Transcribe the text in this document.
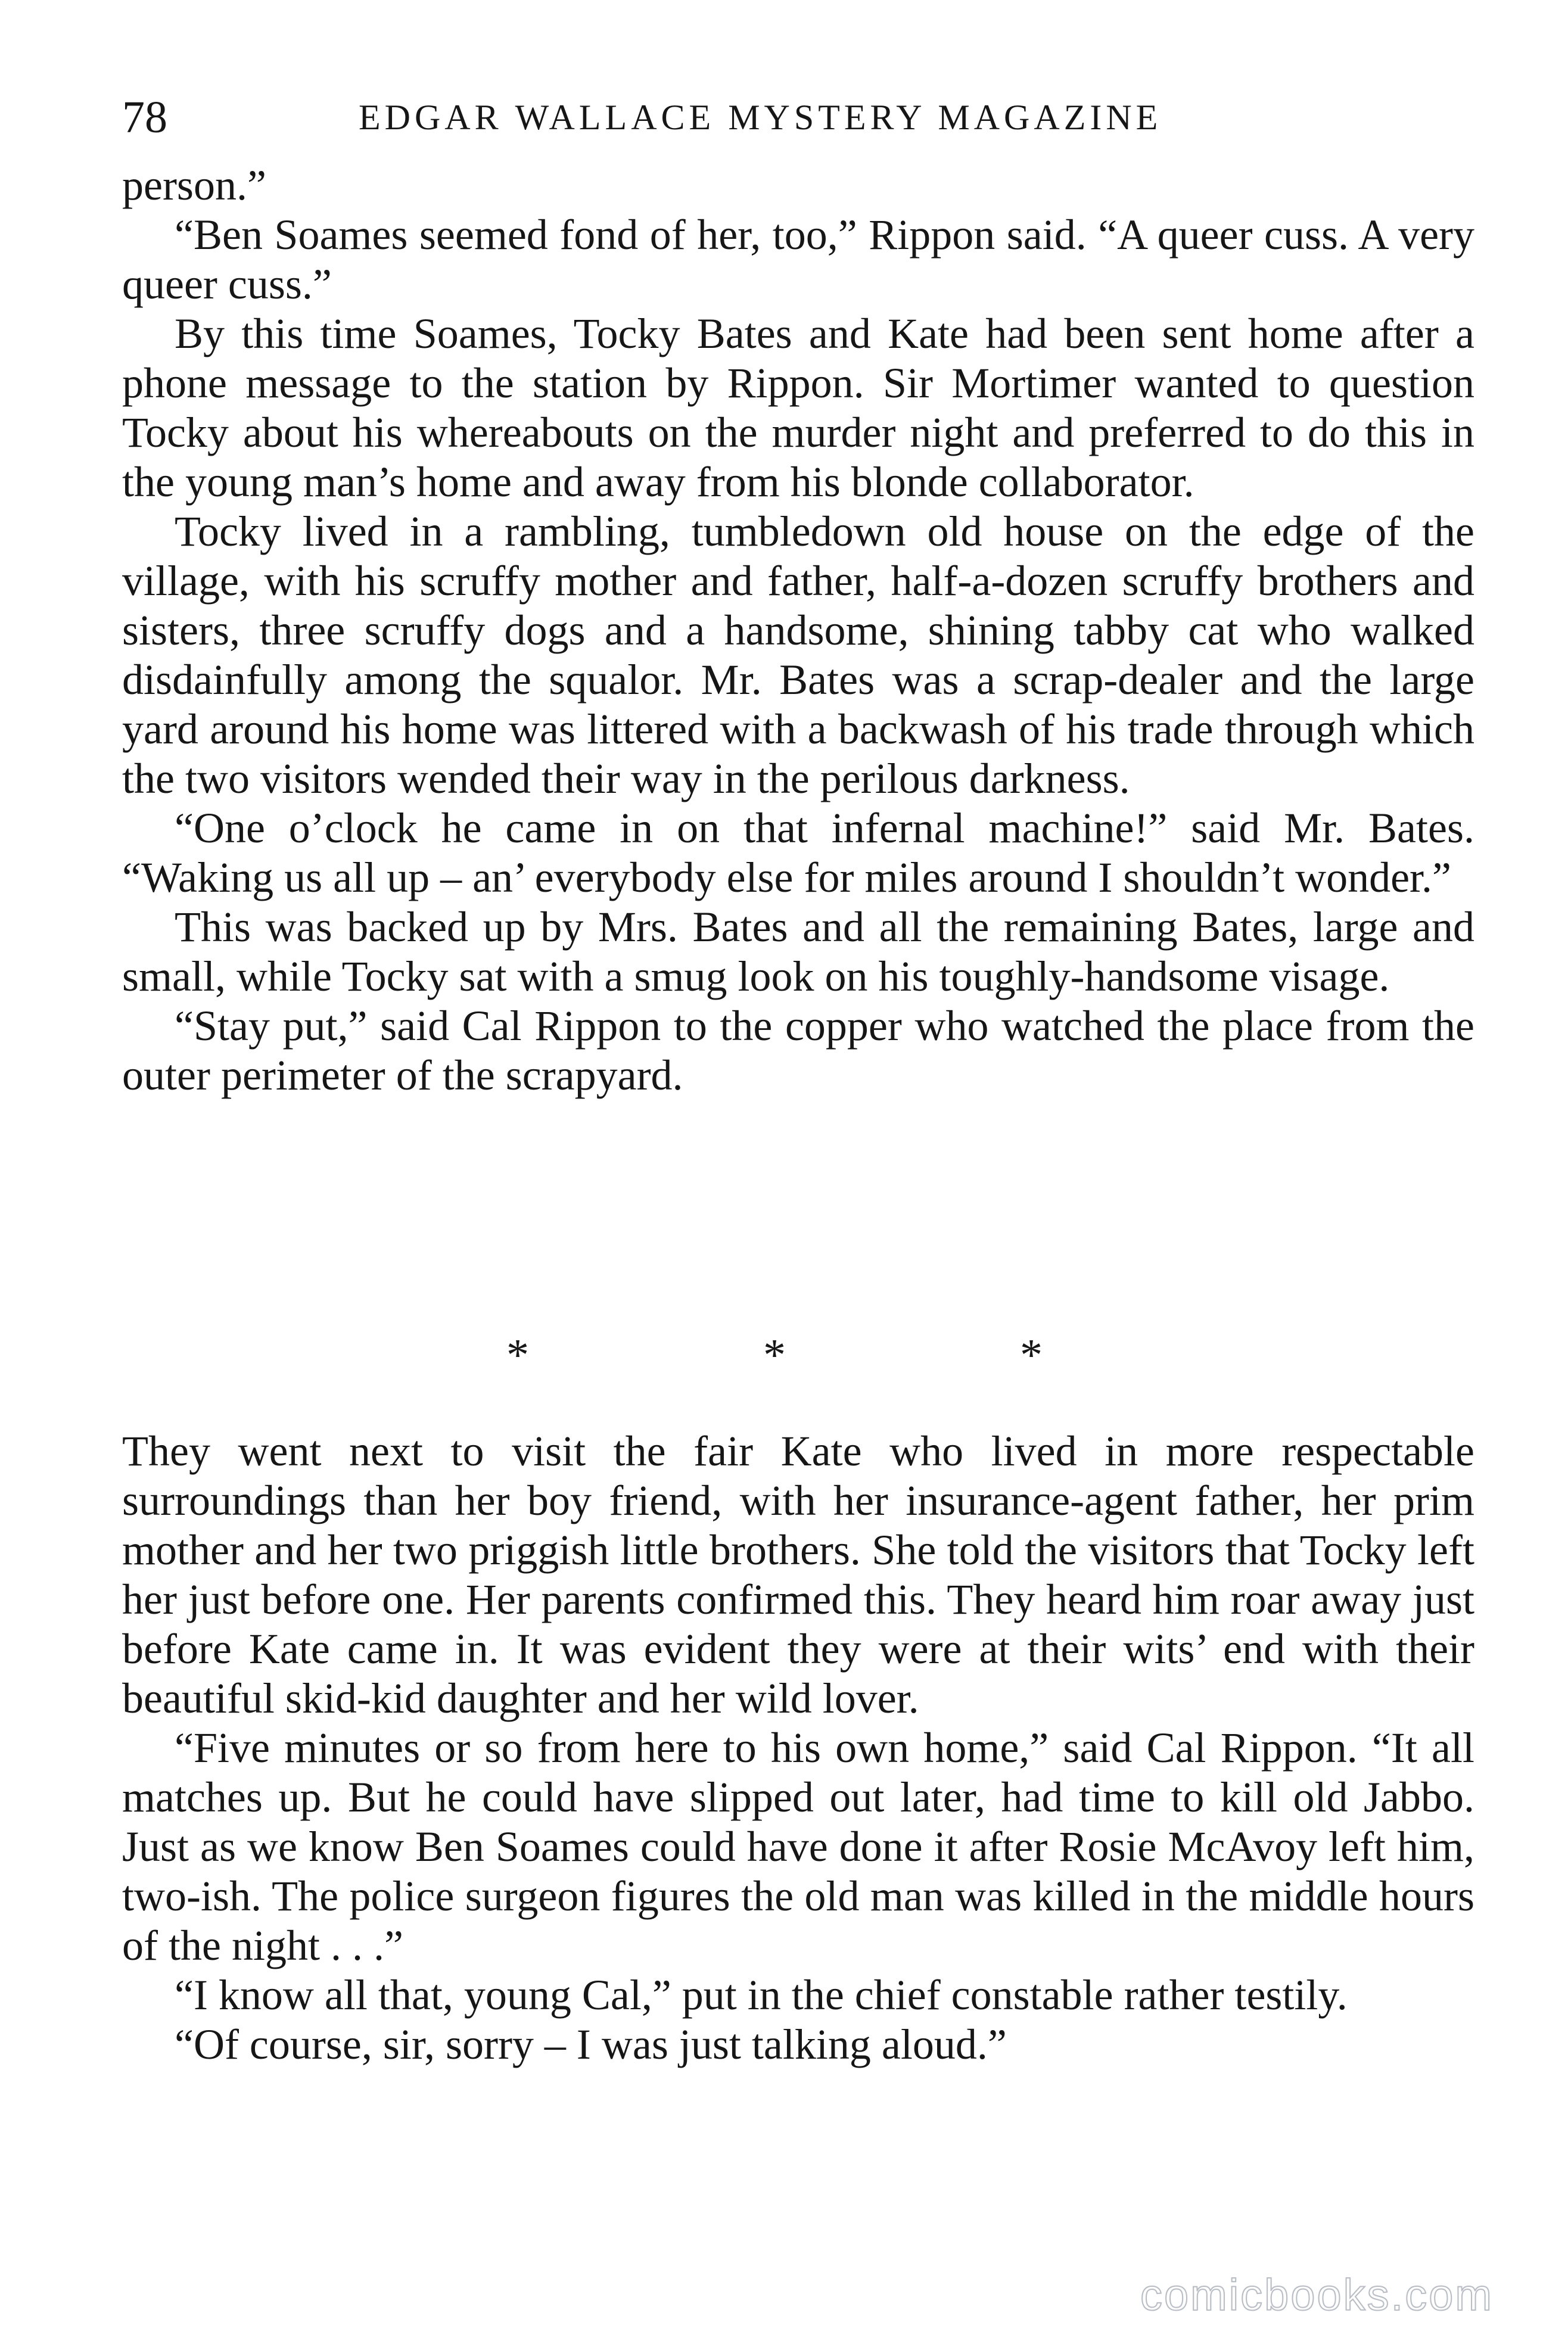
78	EDGAR WALLACE MYSTERY MAGAZINE

person.”

“Ben Soames seemed fond of her, too,” Rippon said. “A queer cuss. A very queer cuss.”

By this time Soames, Tocky Bates and Kate had been sent home after a phone message to the station by Rippon. Sir Mortimer wanted to question Tocky about his whereabouts on the murder night and preferred to do this in the young man’s home and away from his blonde collaborator.

Tocky lived in a rambling, tumbledown old house on the edge of the village, with his scruffy mother and father, half-a-dozen scruffy brothers and sisters, three scruffy dogs and a handsome, shining tabby cat who walked disdainfully among the squalor. Mr. Bates was a scrap-dealer and the large yard around his home was littered with a backwash of his trade through which the two visitors wended their way in the perilous darkness.

“One o’clock he came in on that infernal machine!” said Mr. Bates. “Waking us all up – an’ everybody else for miles around I shouldn’t wonder.”

This was backed up by Mrs. Bates and all the remaining Bates, large and small, while Tocky sat with a smug look on his toughly-handsome visage.

“Stay put,” said Cal Rippon to the copper who watched the place from the outer perimeter of the scrapyard.

*	*	*

They went next to visit the fair Kate who lived in more respectable surroundings than her boy friend, with her insurance-agent father, her prim mother and her two priggish little brothers. She told the visitors that Tocky left her just before one. Her parents confirmed this. They heard him roar away just before Kate came in. It was evident they were at their wits’ end with their beautiful skid-kid daughter and her wild lover.

“Five minutes or so from here to his own home,” said Cal Rippon. “It all matches up. But he could have slipped out later, had time to kill old Jabbo. Just as we know Ben Soames could have done it after Rosie McAvoy left him, two-ish. The police surgeon figures the old man was killed in the middle hours of the night . . .”

“I know all that, young Cal,” put in the chief constable rather testily.

“Of course, sir, sorry – I was just talking aloud.”

comicbooks.com
